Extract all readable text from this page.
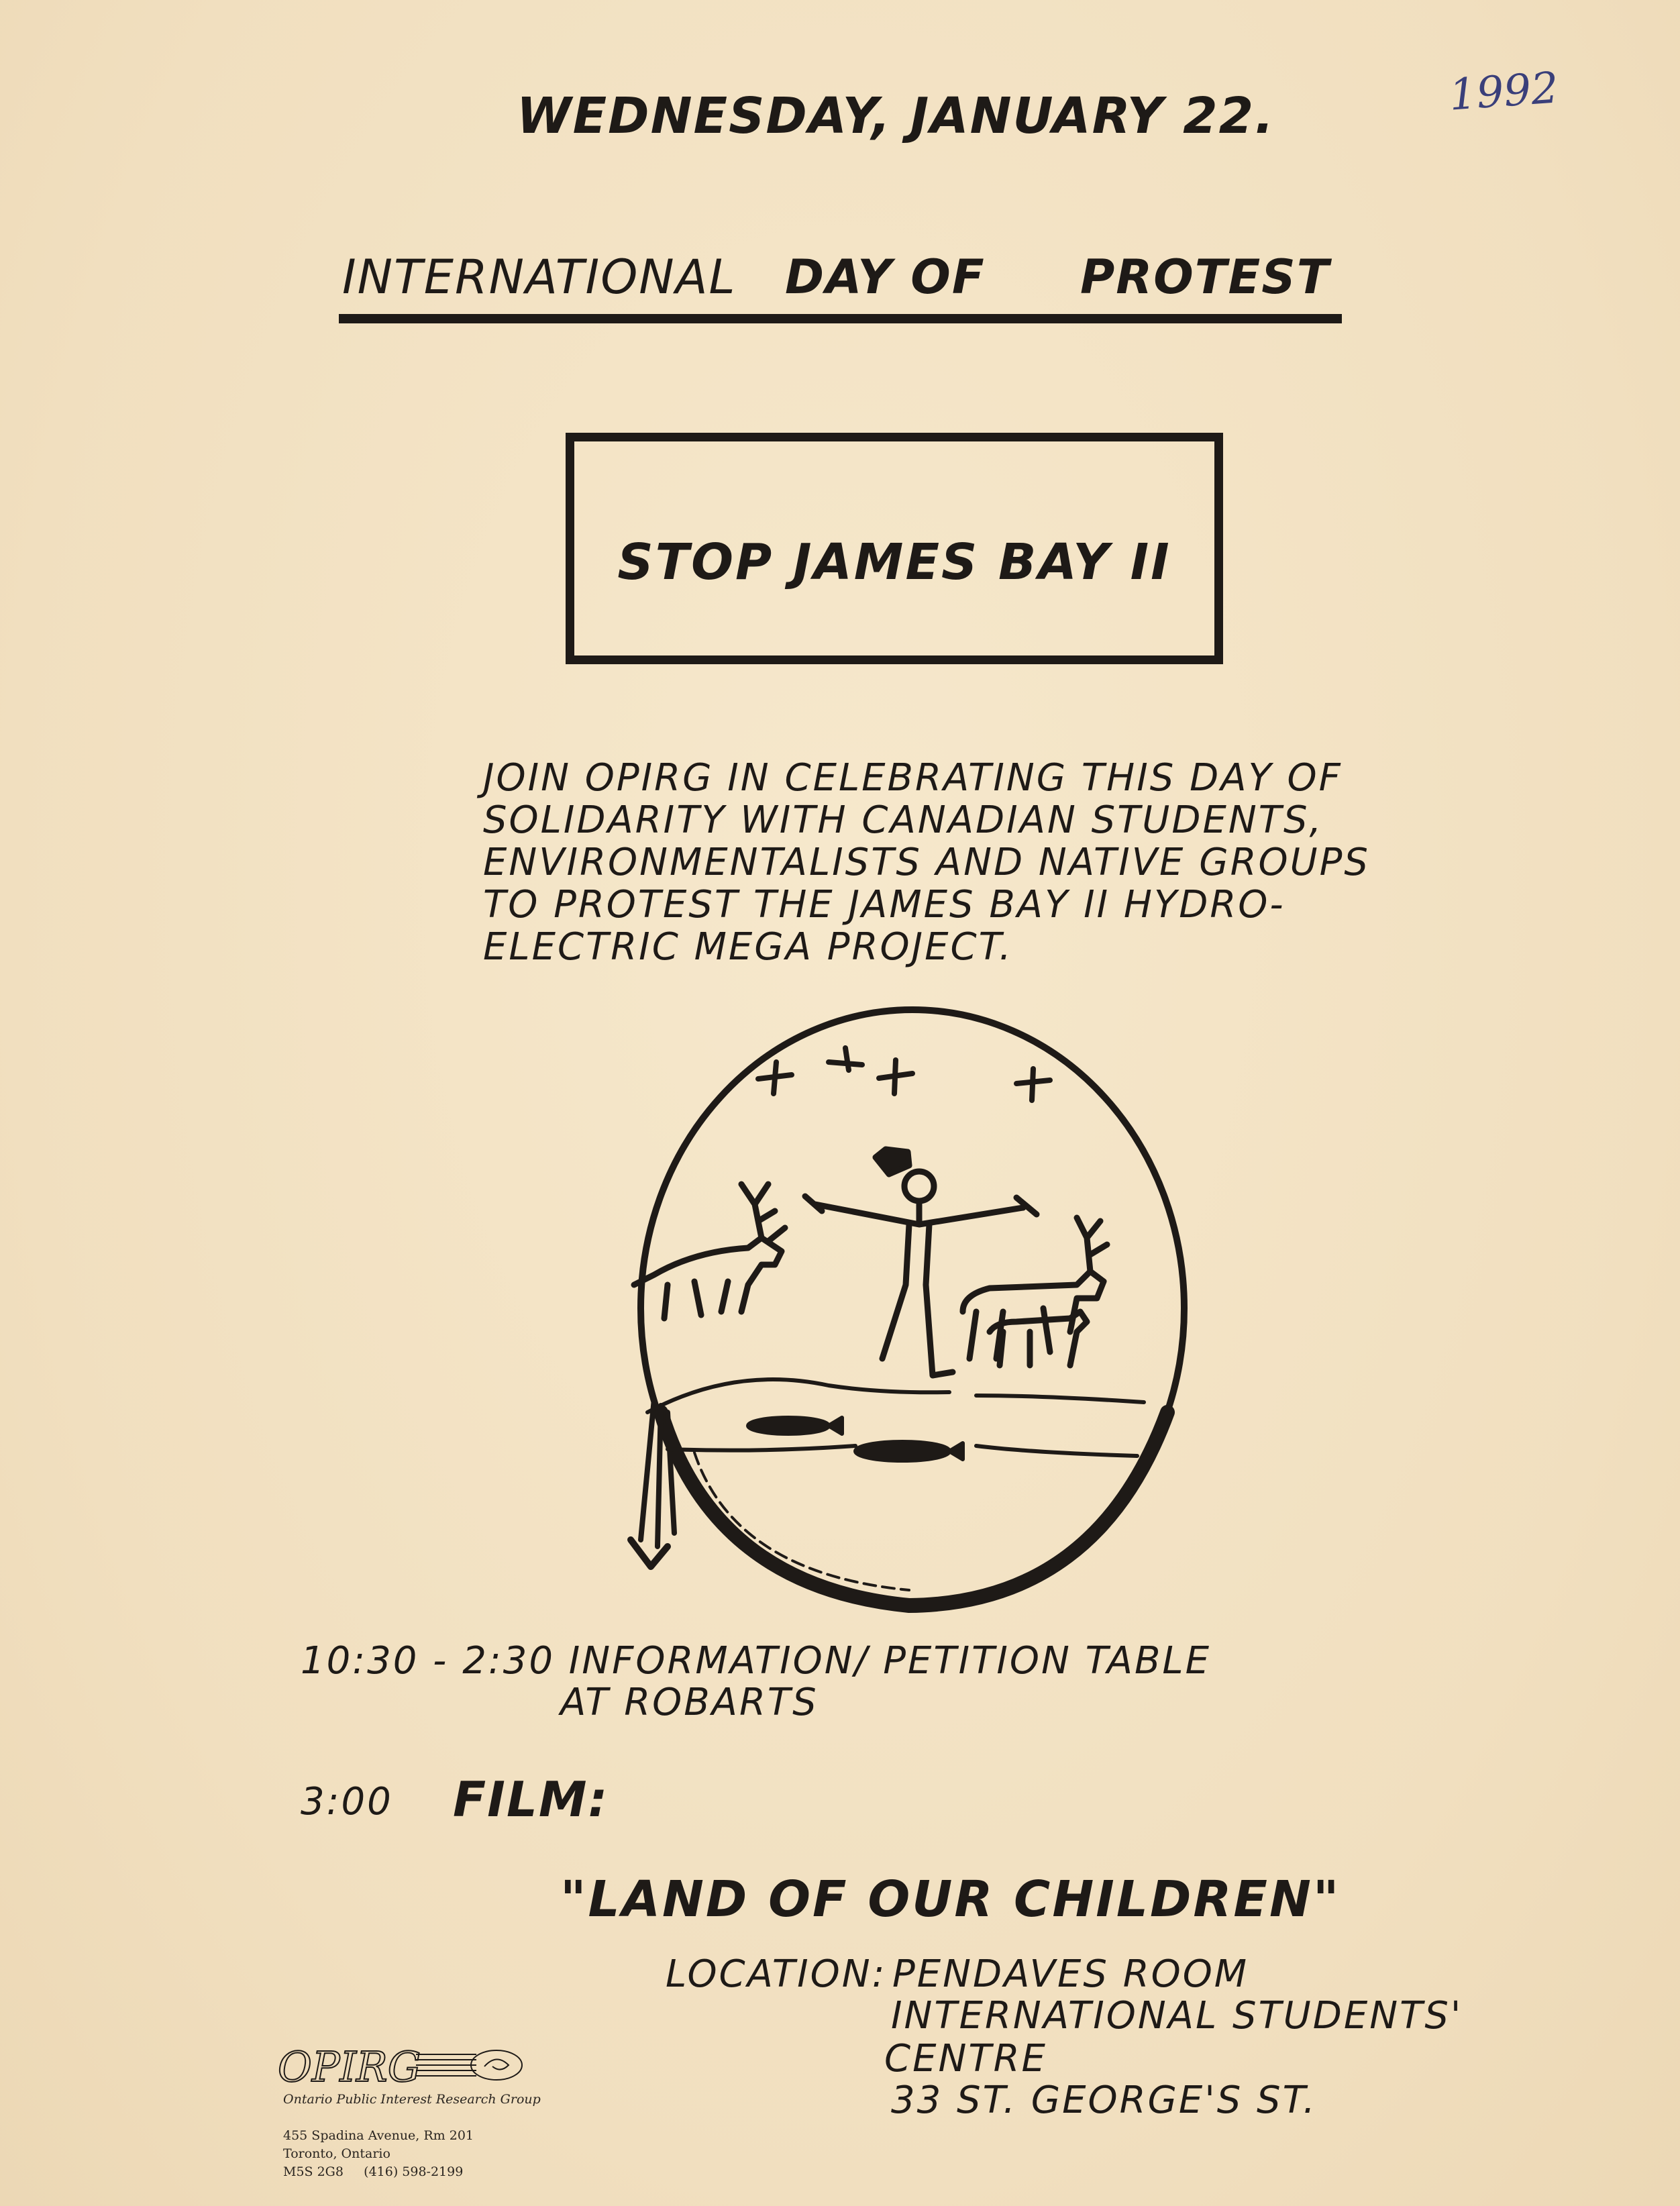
WEDNESDAY, JANUARY 22.	1992
INTERNATIONAL DAY OF PROTEST
STOP JAMES BAY II
JOIN OPIRG IN CELEBRATING THIS DAY OF
SOLIDARITY WITH CANADIAN STUDENTS,
ENVIRONMENTALISTS AND NATIVE GROUPS
TO PROTEST THE JAMES BAY II HYDRO-
ELECTRIC MEGA PROJECT.
10:30 - 2:30 INFORMATION/ PETITION TABLE
AT ROBARTS
3:00 FILM:
"LAND OF OUR CHILDREN"
LOCATION: PENDAVES ROOM
INTERNATIONAL STUDENTS'
CENTRE
33 ST. GEORGE'S ST.
OPIRG
Ontario Public Interest Research Group
455 Spadina Avenue, Rm 201
Toronto, Ontario
M5S 2G8     (416) 598-2199
